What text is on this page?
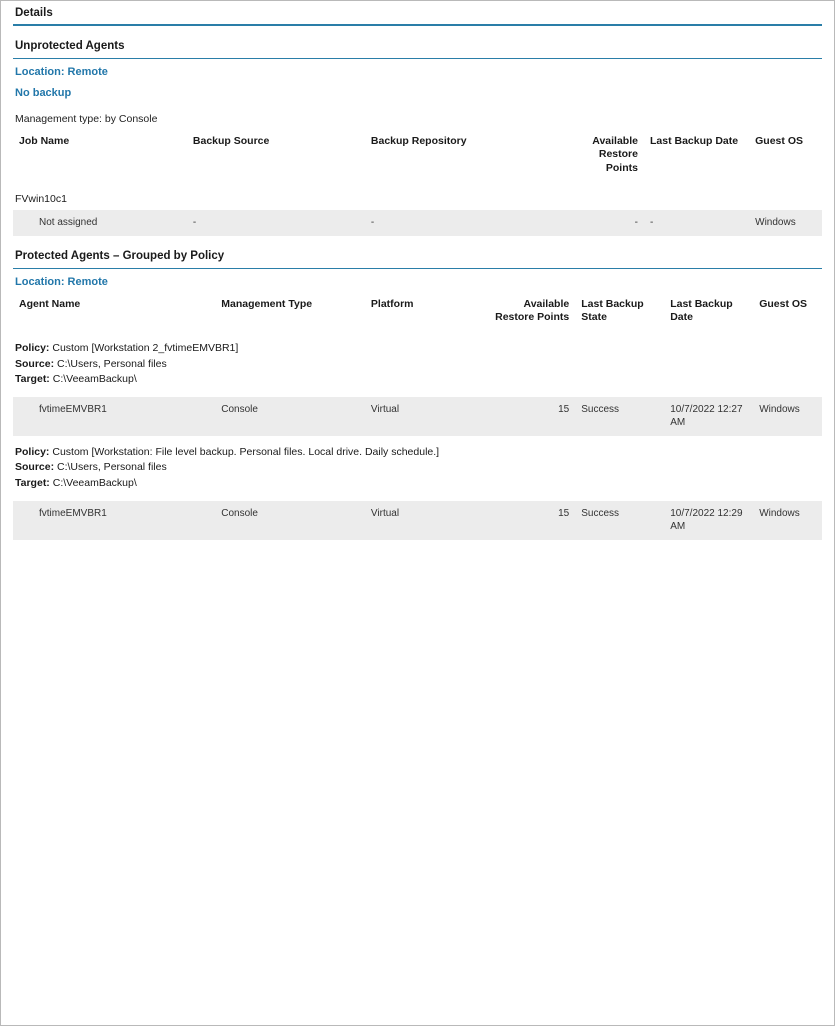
Details
Unprotected Agents
Location: Remote
No backup
Management type: by Console
Job Name	Backup Source	Backup Repository	Available Restore Points	Last Backup Date	Guest OS
FVwin10c1					
Not assigned	-	-	-	-	Windows
Protected Agents – Grouped by Policy
Location: Remote
Agent Name	Management Type	Platform	Available Restore Points	Last Backup State	Last Backup Date	Guest OS

Policy: Custom [Workstation 2_fvtimeEMVBR1]
Source: C:\Users, Personal files
Target: C:\VeeamBackup\						

fvtimeEMVBR1	Console	Virtual	15	Success	10/7/2022 12:27 AM	Windows

Policy: Custom [Workstation: File level backup. Personal files. Local drive. Daily schedule.]
Source: C:\Users, Personal files
Target: C:\VeeamBackup\						

fvtimeEMVBR1	Console	Virtual	15	Success	10/7/2022 12:29 AM	Windows
